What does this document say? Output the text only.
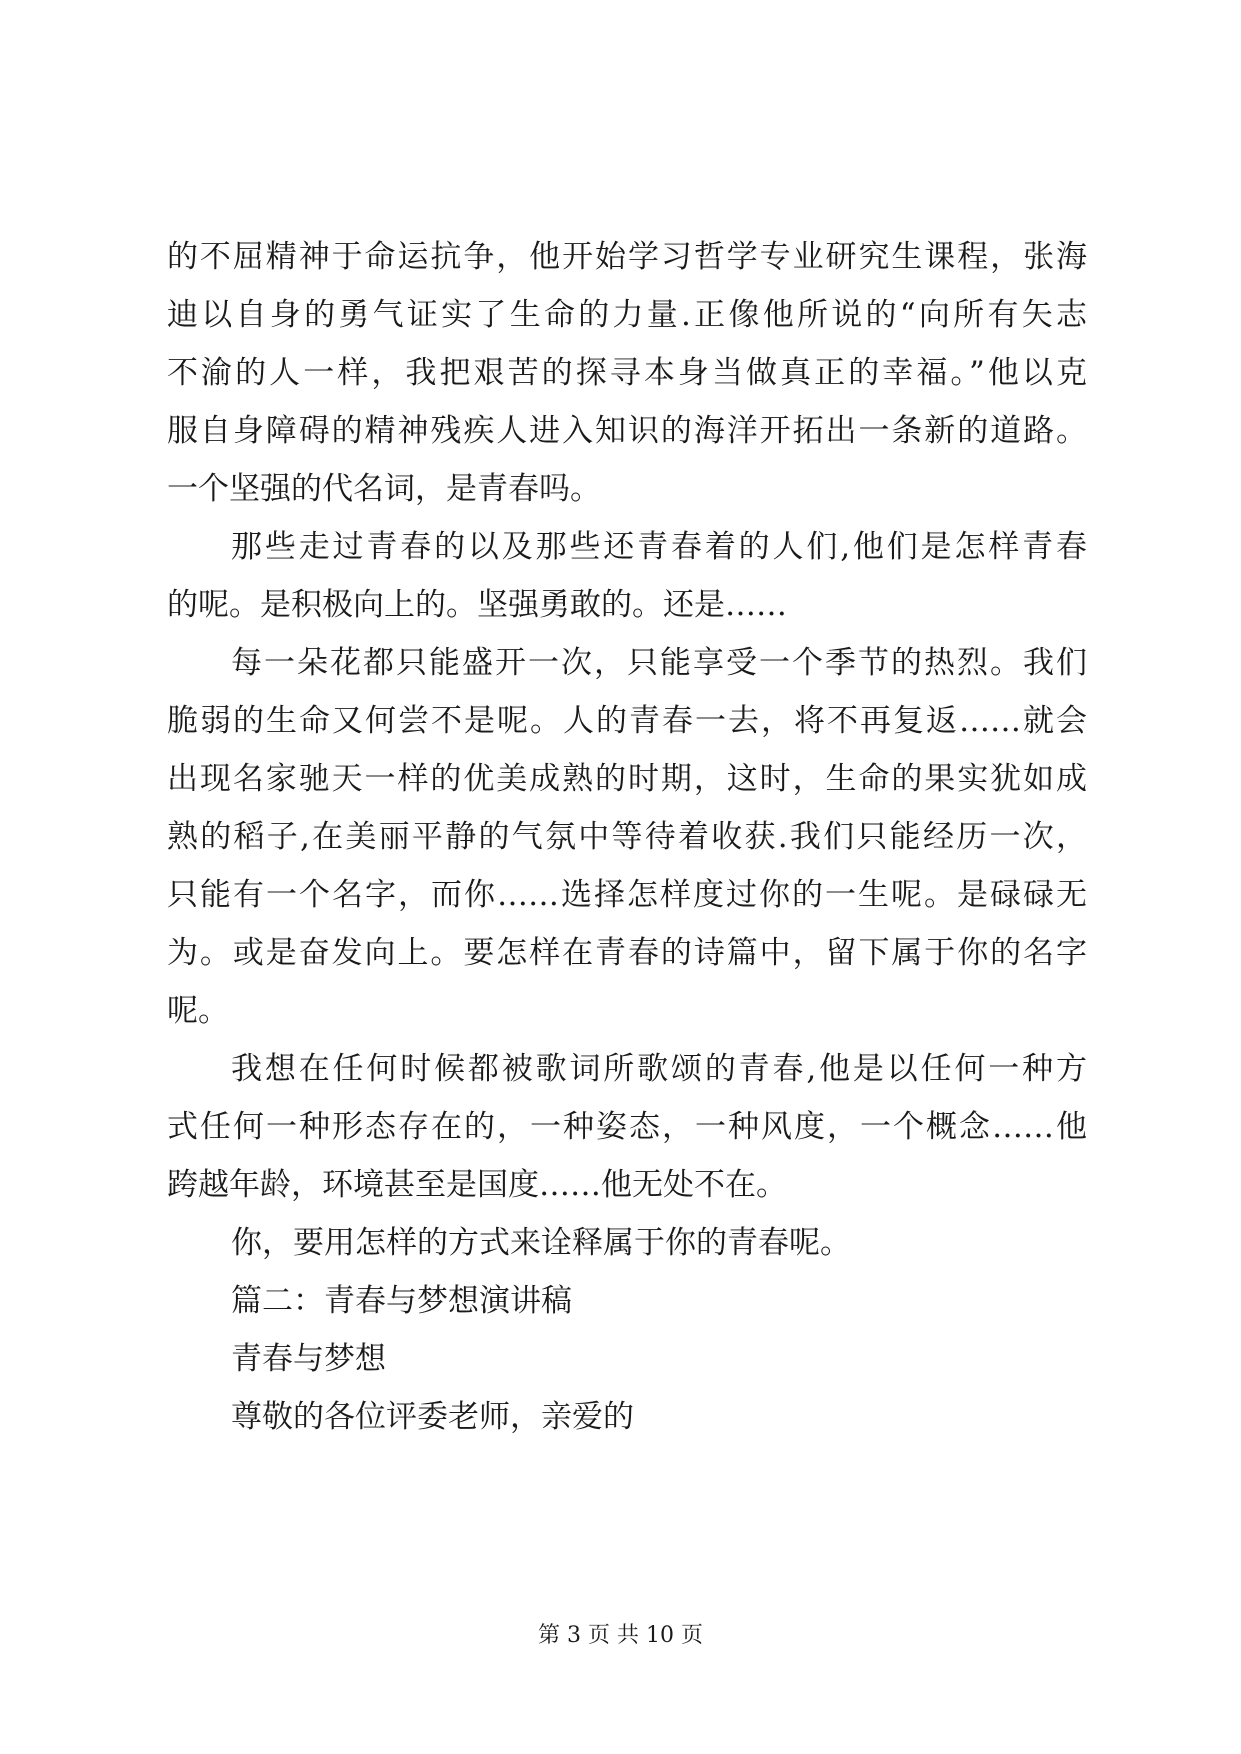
的不屈精神于命运抗争，他开始学习哲学专业研究生课程，张海

迪以自身的勇气证实了生命的力量.正像他所说的“向所有矢志

不渝的人一样，我把艰苦的探寻本身当做真正的幸福。”他以克

服自身障碍的精神残疾人进入知识的海洋开拓出一条新的道路。

一个坚强的代名词，是青春吗。

那些走过青春的以及那些还青春着的人们,他们是怎样青春

的呢。是积极向上的。坚强勇敢的。还是……

每一朵花都只能盛开一次，只能享受一个季节的热烈。我们

脆弱的生命又何尝不是呢。人的青春一去，将不再复返……就会

出现名家驰天一样的优美成熟的时期，这时，生命的果实犹如成

熟的稻子,在美丽平静的气氛中等待着收获.我们只能经历一次，

只能有一个名字，而你……选择怎样度过你的一生呢。是碌碌无

为。或是奋发向上。要怎样在青春的诗篇中，留下属于你的名字

呢。

我想在任何时候都被歌词所歌颂的青春,他是以任何一种方

式任何一种形态存在的，一种姿态，一种风度，一个概念……他

跨越年龄，环境甚至是国度……他无处不在。

你，要用怎样的方式来诠释属于你的青春呢。

篇二：青春与梦想演讲稿

青春与梦想

尊敬的各位评委老师，亲爱的

第 3 页 共 10 页
